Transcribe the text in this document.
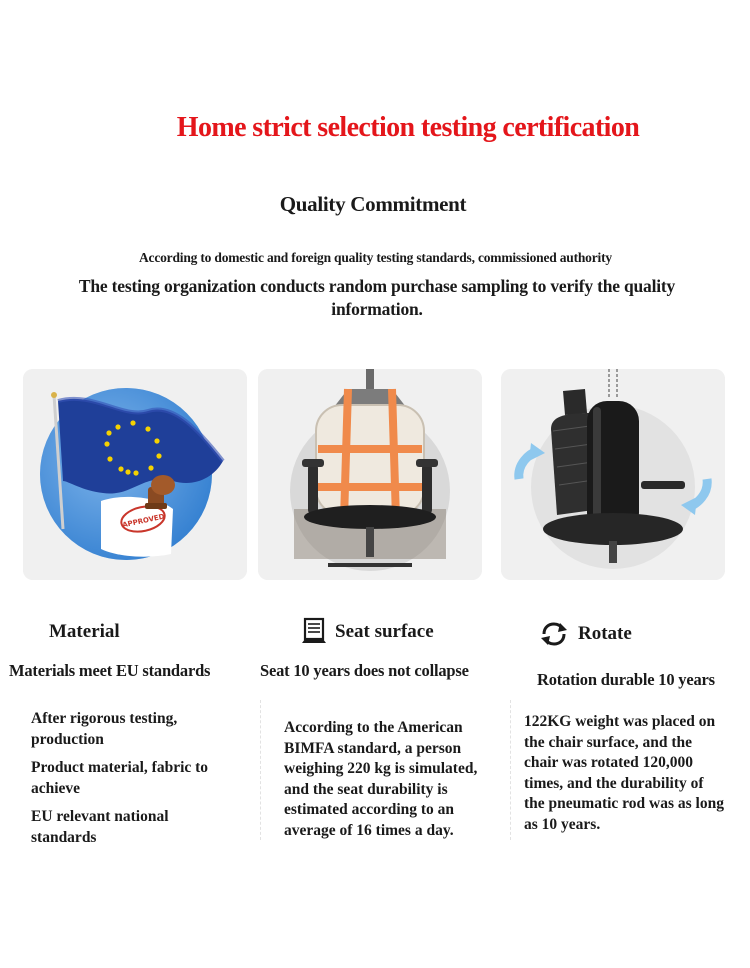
Home strict selection testing certification
Quality Commitment
According to domestic and foreign quality testing standards, commissioned authority
The testing organization conducts random purchase sampling to verify the quality information.
APPROVED
Material
Materials meet EU standards

After rigorous testing, production

Product material, fabric to achieve

EU relevant national standards

Seat surface
Seat 10 years does not collapse

According to the American BIMFA standard, a person weighing 220 kg is simulated, and the seat durability is estimated according to an average of 16 times a day.

Rotate
Rotation durable 10 years

122KG weight was placed on the chair surface, and the chair was rotated 120,000 times, and the durability of the pneumatic rod was as long as 10 years.
